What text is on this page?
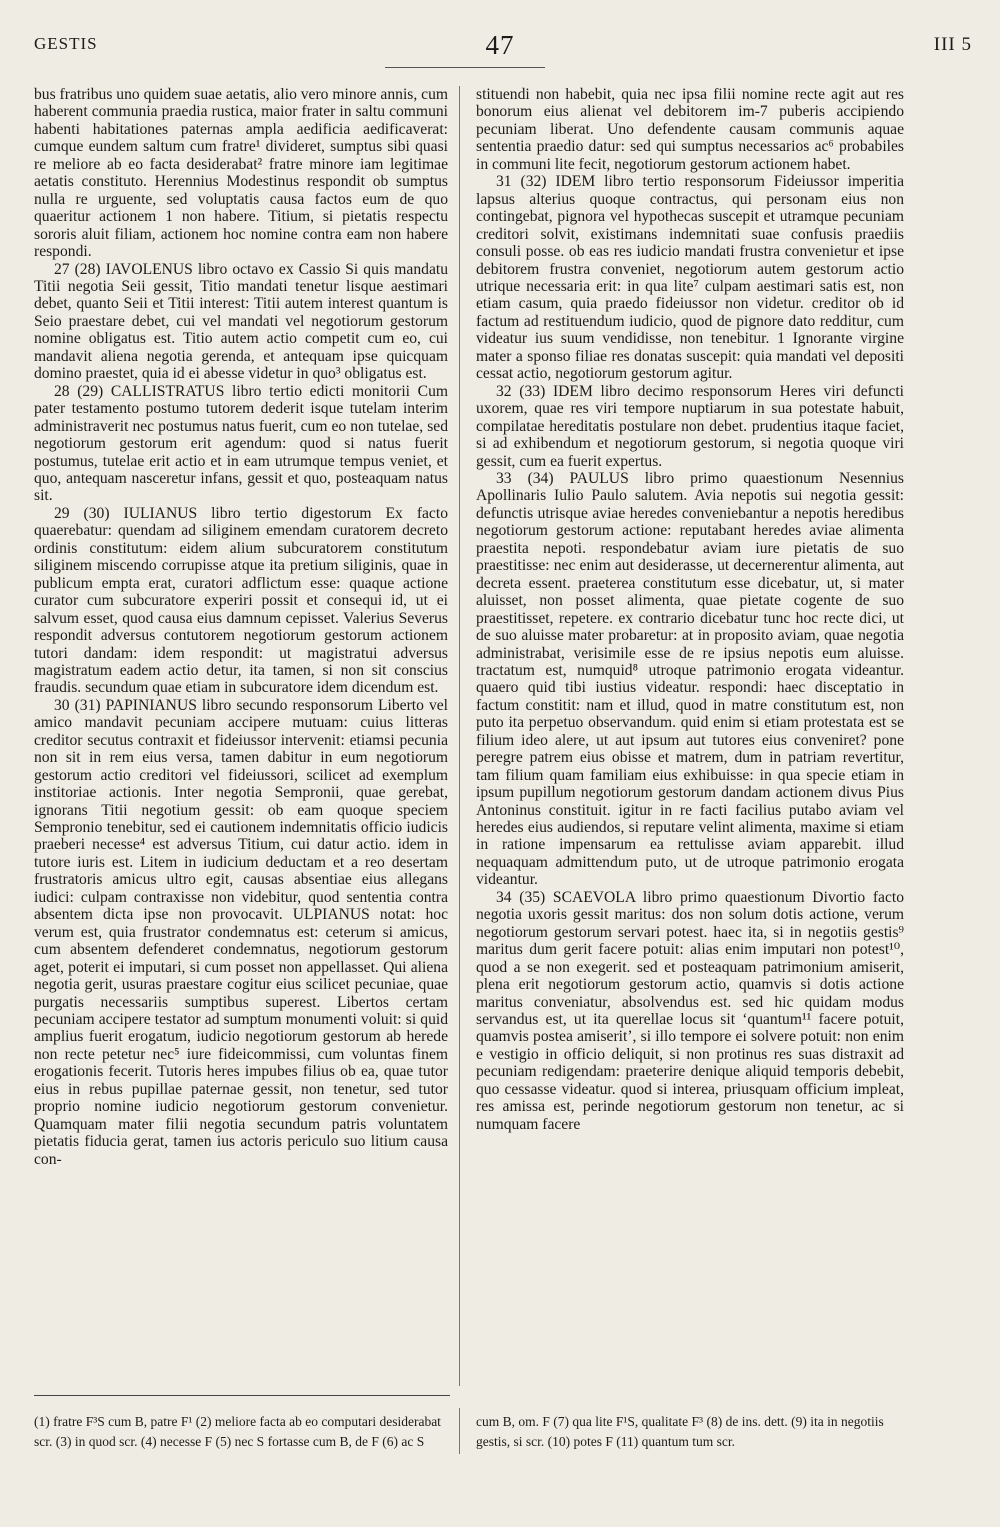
GESTIS	47	III 5

bus fratribus uno quidem suae aetatis, alio vero minore annis, cum haberent communia praedia rustica, maior frater in saltu communi habenti habitationes paternas ampla aedificia aedificaverat: cumque eundem saltum cum fratre¹ divideret, sumptus sibi quasi re meliore ab eo facta desiderabat² fratre minore iam legitimae aetatis constituto. Herennius Modestinus respondit ob sumptus nulla re urguente, sed voluptatis causa factos eum de quo quaeritur actionem 1 non habere. Titium, si pietatis respectu sororis aluit filiam, actionem hoc nomine contra eam non habere respondi.

27 (28) IAVOLENUS libro octavo ex Cassio Si quis mandatu Titii negotia Seii gessit, Titio mandati tenetur lisque aestimari debet, quanto Seii et Titii interest: Titii autem interest quantum is Seio praestare debet, cui vel mandati vel negotiorum gestorum nomine obligatus est. Titio autem actio competit cum eo, cui mandavit aliena negotia gerenda, et antequam ipse quicquam domino praestet, quia id ei abesse videtur in quo³ obligatus est.

28 (29) CALLISTRATUS libro tertio edicti monitorii Cum pater testamento postumo tutorem dederit isque tutelam interim administraverit nec postumus natus fuerit, cum eo non tutelae, sed negotiorum gestorum erit agendum: quod si natus fuerit postumus, tutelae erit actio et in eam utrumque tempus veniet, et quo, antequam nasceretur infans, gessit et quo, posteaquam natus sit.

29 (30) IULIANUS libro tertio digestorum Ex facto quaerebatur: quendam ad siliginem emendam curatorem decreto ordinis constitutum: eidem alium subcuratorem constitutum siliginem miscendo corrupisse atque ita pretium siliginis, quae in publicum empta erat, curatori adflictum esse: quaque actione curator cum subcuratore experiri possit et consequi id, ut ei salvum esset, quod causa eius damnum cepisset. Valerius Severus respondit adversus contutorem negotiorum gestorum actionem tutori dandam: idem respondit: ut magistratui adversus magistratum eadem actio detur, ita tamen, si non sit conscius fraudis. secundum quae etiam in subcuratore idem dicendum est.

30 (31) PAPINIANUS libro secundo responsorum Liberto vel amico mandavit pecuniam accipere mutuam: cuius litteras creditor secutus contraxit et fideiussor intervenit: etiamsi pecunia non sit in rem eius versa, tamen dabitur in eum negotiorum gestorum actio creditori vel fideiussori, scilicet ad exemplum institoriae actionis. Inter negotia Sempronii, quae gerebat, ignorans Titii negotium gessit: ob eam quoque speciem Sempronio tenebitur, sed ei cautionem indemnitatis officio iudicis praeberi necesse⁴ est adversus Titium, cui datur actio. idem in tutore iuris est. Litem in iudicium deductam et a reo desertam frustratoris amicus ultro egit, causas absentiae eius allegans iudici: culpam contraxisse non videbitur, quod sententia contra absentem dicta ipse non provocavit. ULPIANUS notat: hoc verum est, quia frustrator condemnatus est: ceterum si amicus, cum absentem defenderet condemnatus, negotiorum gestorum aget, poterit ei imputari, si cum posset non appellasset. Qui aliena negotia gerit, usuras praestare cogitur eius scilicet pecuniae, quae purgatis necessariis sumptibus superest. Libertos certam pecuniam accipere testator ad sumptum monumenti voluit: si quid amplius fuerit erogatum, iudicio negotiorum gestorum ab herede non recte petetur nec⁵ iure fideicommissi, cum voluntas finem erogationis fecerit. Tutoris heres impubes filius ob ea, quae tutor eius in rebus pupillae paternae gessit, non tenetur, sed tutor proprio nomine iudicio negotiorum gestorum convenietur. Quamquam mater filii negotia secundum patris voluntatem pietatis fiducia gerat, tamen ius actoris periculo suo litium causa con-

stituendi non habebit, quia nec ipsa filii nomine recte agit aut res bonorum eius alienat vel debitorem im-7 puberis accipiendo pecuniam liberat. Uno defendente causam communis aquae sententia praedio datur: sed qui sumptus necessarios ac⁶ probabiles in communi lite fecit, negotiorum gestorum actionem habet.

31 (32) IDEM libro tertio responsorum Fideiussor imperitia lapsus alterius quoque contractus, qui personam eius non contingebat, pignora vel hypothecas suscepit et utramque pecuniam creditori solvit, existimans indemnitati suae confusis praediis consuli posse. ob eas res iudicio mandati frustra convenietur et ipse debitorem frustra conveniet, negotiorum autem gestorum actio utrique necessaria erit: in qua lite⁷ culpam aestimari satis est, non etiam casum, quia praedo fideiussor non videtur. creditor ob id factum ad restituendum iudicio, quod de pignore dato redditur, cum videatur ius suum vendidisse, non tenebitur. 1 Ignorante virgine mater a sponso filiae res donatas suscepit: quia mandati vel depositi cessat actio, negotiorum gestorum agitur.

32 (33) IDEM libro decimo responsorum Heres viri defuncti uxorem, quae res viri tempore nuptiarum in sua potestate habuit, compilatae hereditatis postulare non debet. prudentius itaque faciet, si ad exhibendum et negotiorum gestorum, si negotia quoque viri gessit, cum ea fuerit expertus.

33 (34) PAULUS libro primo quaestionum Nesennius Apollinaris Iulio Paulo salutem. Avia nepotis sui negotia gessit: defunctis utrisque aviae heredes conveniebantur a nepotis heredibus negotiorum gestorum actione: reputabant heredes aviae alimenta praestita nepoti. respondebatur aviam iure pietatis de suo praestitisse: nec enim aut desiderasse, ut decernerentur alimenta, aut decreta essent. praeterea constitutum esse dicebatur, ut, si mater aluisset, non posset alimenta, quae pietate cogente de suo praestitisset, repetere. ex contrario dicebatur tunc hoc recte dici, ut de suo aluisse mater probaretur: at in proposito aviam, quae negotia administrabat, verisimile esse de re ipsius nepotis eum aluisse. tractatum est, numquid⁸ utroque patrimonio erogata videantur. quaero quid tibi iustius videatur. respondi: haec disceptatio in factum constitit: nam et illud, quod in matre constitutum est, non puto ita perpetuo observandum. quid enim si etiam protestata est se filium ideo alere, ut aut ipsum aut tutores eius conveniret? pone peregre patrem eius obisse et matrem, dum in patriam revertitur, tam filium quam familiam eius exhibuisse: in qua specie etiam in ipsum pupillum negotiorum gestorum dandam actionem divus Pius Antoninus constituit. igitur in re facti facilius putabo aviam vel heredes eius audiendos, si reputare velint alimenta, maxime si etiam in ratione impensarum ea rettulisse aviam apparebit. illud nequaquam admittendum puto, ut de utroque patrimonio erogata videantur.

34 (35) SCAEVOLA libro primo quaestionum Divortio facto negotia uxoris gessit maritus: dos non solum dotis actione, verum negotiorum gestorum servari potest. haec ita, si in negotiis gestis⁹ maritus dum gerit facere potuit: alias enim imputari non potest¹⁰, quod a se non exegerit. sed et posteaquam patrimonium amiserit, plena erit negotiorum gestorum actio, quamvis si dotis actione maritus conveniatur, absolvendus est. sed hic quidam modus servandus est, ut ita querellae locus sit ‘quantum¹¹ facere potuit, quamvis postea amiserit’, si illo tempore ei solvere potuit: non enim e vestigio in officio deliquit, si non protinus res suas distraxit ad pecuniam redigendam: praeterire denique aliquid temporis debebit, quo cessasse videatur. quod si interea, priusquam officium impleat, res amissa est, perinde negotiorum gestorum non tenetur, ac si numquam facere

(1) fratre F³S cum B, patre F¹ (2) meliore facta ab eo computari desiderabat scr. (3) in quod scr. (4) necesse F (5) nec S fortasse cum B, de F (6) ac S
cum B, om. F (7) qua lite F¹S, qualitate F³ (8) de ins. dett. (9) ita in negotiis gestis, si scr. (10) potes F (11) quantum tum scr.
